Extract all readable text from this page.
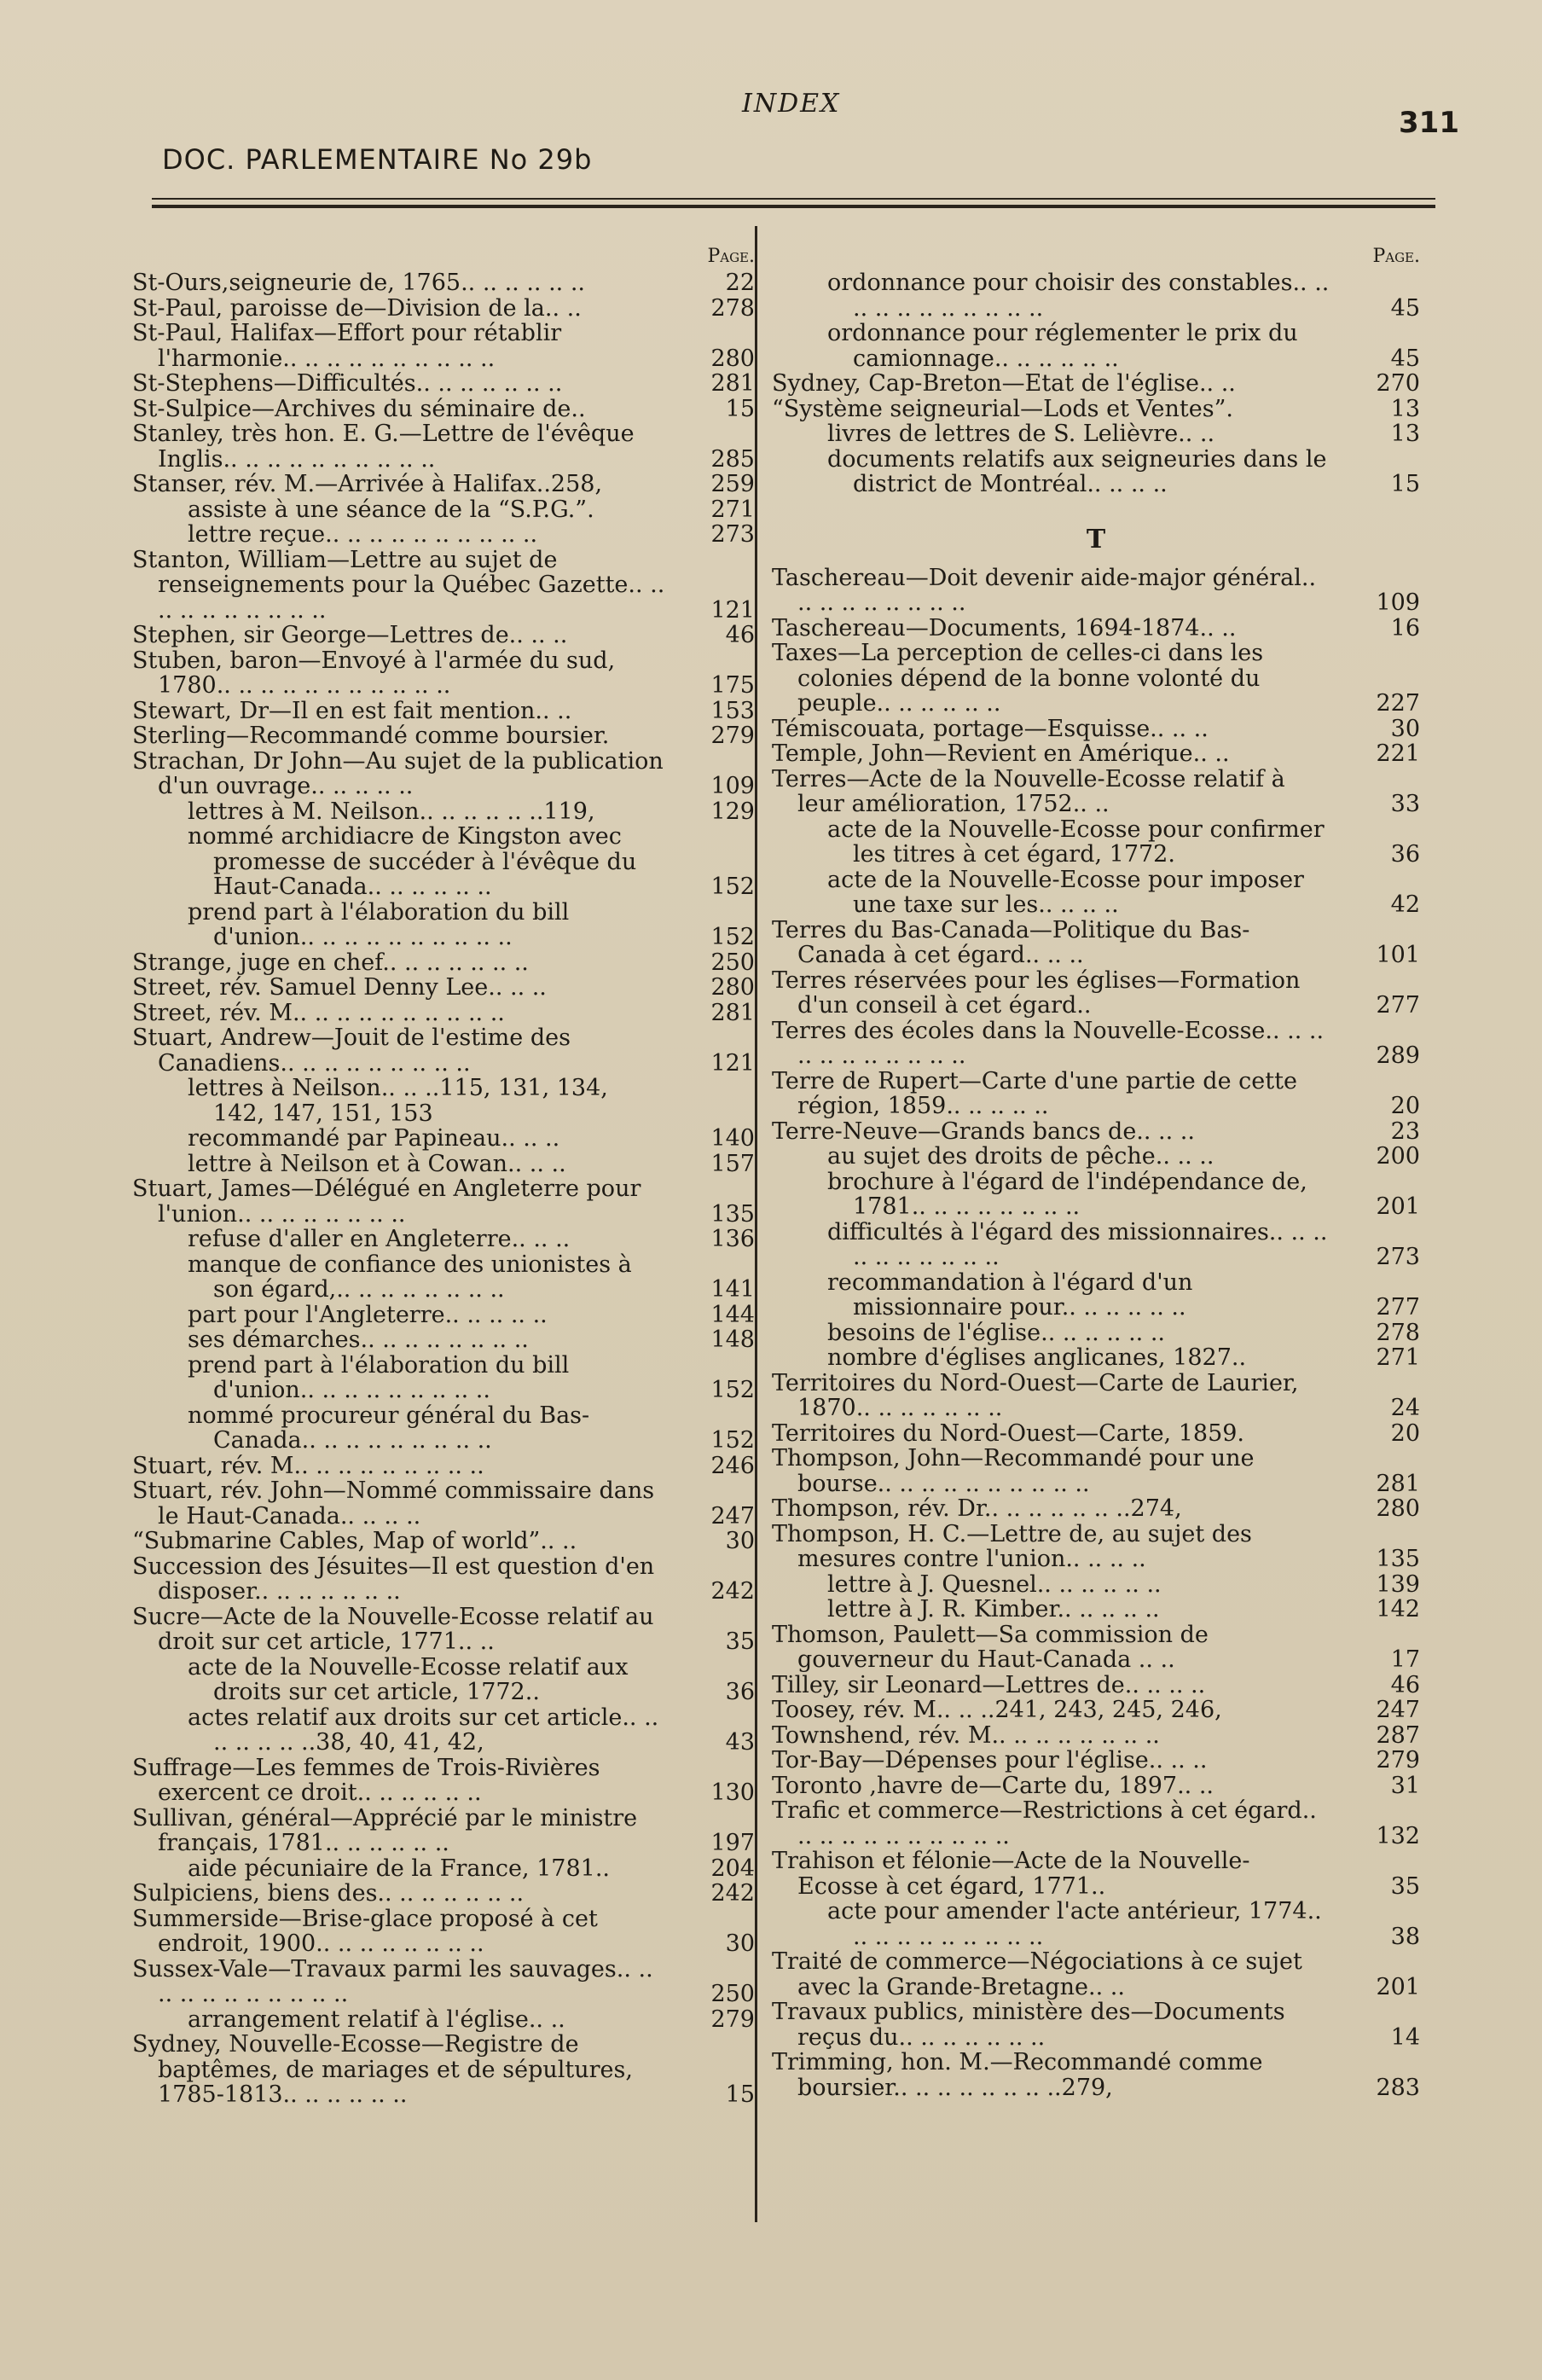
INDEX
DOC. PARLEMENTAIRE No 29b
311
Page.
St-Ours,seigneurie de, 1765.. .. .. .. .. ..	22
St-Paul, paroisse de—Division de la.. ..	278
St-Paul, Halifax—Effort pour rétablir l'harmonie.. .. .. .. .. .. .. .. .. ..	280
St-Stephens—Difficultés.. .. .. .. .. .. ..	281
St-Sulpice—Archives du séminaire de..	15
Stanley, très hon. E. G.—Lettre de l'évêque Inglis.. .. .. .. .. .. .. .. .. ..	285
Stanser, rév. M.—Arrivée à Halifax..258,	259
assiste à une séance de la “S.P.G.”.	271
lettre reçue.. .. .. .. .. .. .. .. .. ..	273
Stanton, William—Lettre au sujet de renseignements pour la Québec Gazette.. .. .. .. .. .. .. .. .. ..	121
Stephen, sir George—Lettres de.. .. ..	46
Stuben, baron—Envoyé à l'armée du sud, 1780.. .. .. .. .. .. .. .. .. .. ..	175
Stewart, Dr—Il en est fait mention.. ..	153
Sterling—Recommandé comme boursier.	279
Strachan, Dr John—Au sujet de la publication d'un ouvrage.. .. .. .. ..	109
lettres à M. Neilson.. .. .. .. .. ..119,	129
nommé archidiacre de Kingston avec promesse de succéder à l'évêque du Haut-Canada.. .. .. .. .. ..	152
prend part à l'élaboration du bill d'union.. .. .. .. .. .. .. .. .. ..	152
Strange, juge en chef.. .. .. .. .. .. ..	250
Street, rév. Samuel Denny Lee.. .. ..	280
Street, rév. M.. .. .. .. .. .. .. .. .. ..	281
Stuart, Andrew—Jouit de l'estime des Canadiens.. .. .. .. .. .. .. .. ..	121
lettres à Neilson.. .. ..115, 131, 134, 142, 147, 151, 153
recommandé par Papineau.. .. ..	140
lettre à Neilson et à Cowan.. .. ..	157
Stuart, James—Délégué en Angleterre pour l'union.. .. .. .. .. .. .. ..	135
refuse d'aller en Angleterre.. .. ..	136
manque de confiance des unionistes à son égard,.. .. .. .. .. .. .. ..	141
part pour l'Angleterre.. .. .. .. ..	144
ses démarches.. .. .. .. .. .. .. ..	148
prend part à l'élaboration du bill d'union.. .. .. .. .. .. .. .. ..	152
nommé procureur général du Bas-Canada.. .. .. .. .. .. .. .. ..	152
Stuart, rév. M.. .. .. .. .. .. .. .. ..	246
Stuart, rév. John—Nommé commissaire dans le Haut-Canada.. .. .. ..	247
“Submarine Cables, Map of world”.. ..	30
Succession des Jésuites—Il est question d'en disposer.. .. .. .. .. .. ..	242
Sucre—Acte de la Nouvelle-Ecosse relatif au droit sur cet article, 1771.. ..	35
acte de la Nouvelle-Ecosse relatif aux droits sur cet article, 1772..	36
actes relatif aux droits sur cet article.. .. .. .. .. .. ..38, 40, 41, 42,	43
Suffrage—Les femmes de Trois-Rivières exercent ce droit.. .. .. .. .. ..	130
Sullivan, général—Apprécié par le ministre français, 1781.. .. .. .. .. ..	197
aide pécuniaire de la France, 1781..	204
Sulpiciens, biens des.. .. .. .. .. .. ..	242
Summerside—Brise-glace proposé à cet endroit, 1900.. .. .. .. .. .. .. ..	30
Sussex-Vale—Travaux parmi les sauvages.. .. .. .. .. .. .. .. .. .. ..	250
arrangement relatif à l'église.. ..	279
Sydney, Nouvelle-Ecosse—Registre de baptêmes, de mariages et de sépultures, 1785-1813.. .. .. .. .. ..	15
Page.
ordonnance pour choisir des constables.. .. .. .. .. .. .. .. .. .. ..	45
ordonnance pour réglementer le prix du camionnage.. .. .. .. .. ..	45
Sydney, Cap-Breton—Etat de l'église.. ..	270
“Système seigneurial—Lods et Ventes”.	13
livres de lettres de S. Lelièvre.. ..	13
documents relatifs aux seigneuries dans le district de Montréal.. .. .. ..	15
T
Taschereau—Doit devenir aide-major général.. .. .. .. .. .. .. .. ..	109
Taschereau—Documents, 1694-1874.. ..	16
Taxes—La perception de celles-ci dans les colonies dépend de la bonne volonté du peuple.. .. .. .. .. ..	227
Témiscouata, portage—Esquisse.. .. ..	30
Temple, John—Revient en Amérique.. ..	221
Terres—Acte de la Nouvelle-Ecosse relatif à leur amélioration, 1752.. ..	33
acte de la Nouvelle-Ecosse pour confirmer les titres à cet égard, 1772.	36
acte de la Nouvelle-Ecosse pour imposer une taxe sur les.. .. .. ..	42
Terres du Bas-Canada—Politique du Bas-Canada à cet égard.. .. ..	101
Terres réservées pour les églises—Formation d'un conseil à cet égard..	277
Terres des écoles dans la Nouvelle-Ecosse.. .. .. .. .. .. .. .. .. .. ..	289
Terre de Rupert—Carte d'une partie de cette région, 1859.. .. .. .. ..	20
Terre-Neuve—Grands bancs de.. .. ..	23
au sujet des droits de pêche.. .. ..	200
brochure à l'égard de l'indépendance de, 1781.. .. .. .. .. .. .. ..	201
difficultés à l'égard des missionnaires.. .. .. .. .. .. .. .. .. ..	273
recommandation à l'égard d'un missionnaire pour.. .. .. .. .. ..	277
besoins de l'église.. .. .. .. .. ..	278
nombre d'églises anglicanes, 1827..	271
Territoires du Nord-Ouest—Carte de Laurier, 1870.. .. .. .. .. .. ..	24
Territoires du Nord-Ouest—Carte, 1859.	20
Thompson, John—Recommandé pour une bourse.. .. .. .. .. .. .. .. .. ..	281
Thompson, rév. Dr.. .. .. .. .. .. ..274,	280
Thompson, H. C.—Lettre de, au sujet des mesures contre l'union.. .. .. ..	135
lettre à J. Quesnel.. .. .. .. .. ..	139
lettre à J. R. Kimber.. .. .. .. ..	142
Thomson, Paulett—Sa commission de gouverneur du Haut-Canada .. ..	17
Tilley, sir Leonard—Lettres de.. .. .. ..	46
Toosey, rév. M.. .. ..241, 243, 245, 246,	247
Townshend, rév. M.. .. .. .. .. .. .. ..	287
Tor-Bay—Dépenses pour l'église.. .. ..	279
Toronto ,havre de—Carte du, 1897.. ..	31
Trafic et commerce—Restrictions à cet égard.. .. .. .. .. .. .. .. .. .. ..	132
Trahison et félonie—Acte de la Nouvelle-Ecosse à cet égard, 1771..	35
acte pour amender l'acte antérieur, 1774.. .. .. .. .. .. .. .. .. ..	38
Traité de commerce—Négociations à ce sujet avec la Grande-Bretagne.. ..	201
Travaux publics, ministère des—Documents reçus du.. .. .. .. .. .. ..	14
Trimming, hon. M.—Recommandé comme boursier.. .. .. .. .. .. .. ..279,	283
